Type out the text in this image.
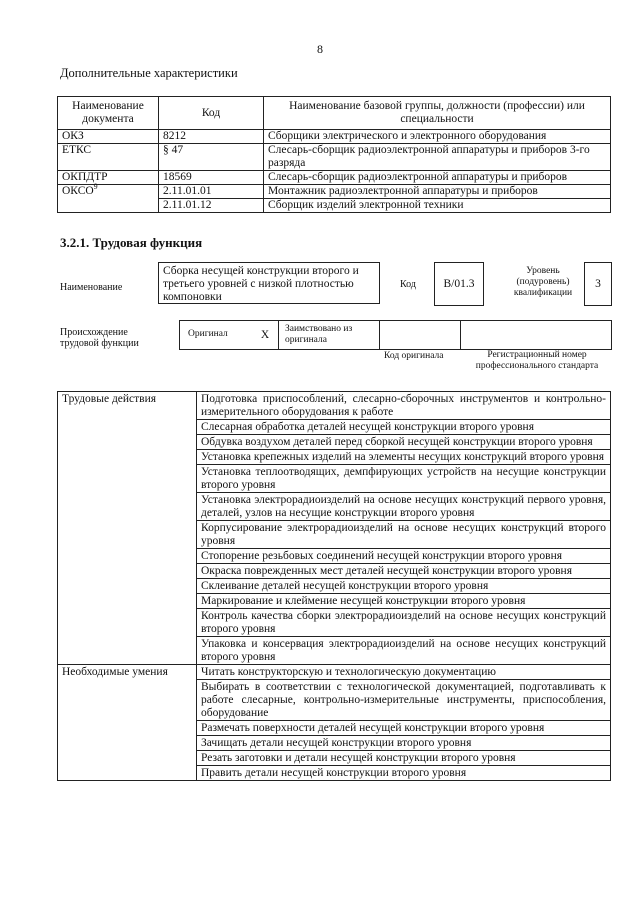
8
Дополнительные характеристики
Наименование документа	Код	Наименование базовой группы, должности (профессии) или специальности
ОКЗ	8212	Сборщики электрического и электронного оборудования
ЕТКС	§ 47	Слесарь-сборщик радиоэлектронной аппаратуры и приборов 3-го разряда
ОКПДТР	18569	Слесарь-сборщик радиоэлектронной аппаратуры и приборов
ОКСО$^9$	2.11.01.01	Монтажник радиоэлектронной аппаратуры и приборов
	2.11.01.12	Сборщик изделий электронной техники
3.2.1. Трудовая функция
Наименование
Сборка несущей конструкции второго и третьего уровней с низкой плотностью компоновки
Код	B/01.3
Уровень (подуровень) квалификации
3
Происхождение трудовой функции
Оригинал	X	Заимствовано из оригинала
Код оригинала	Регистрационный номер профессионального стандарта
Трудовые действия	Подготовка приспособлений, слесарно-сборочных инструментов и контрольно-измерительного оборудования к работе
	Слесарная обработка деталей несущей конструкции второго уровня
	Обдувка воздухом деталей перед сборкой несущей конструкции второго уровня
	Установка крепежных изделий на элементы несущих конструкций второго уровня
	Установка теплоотводящих, демпфирующих устройств на несущие конструкции второго уровня
	Установка электрорадиоизделий на основе несущих конструкций первого уровня, деталей, узлов на несущие конструкции второго уровня
	Корпусирование электрорадиоизделий на основе несущих конструкций второго уровня
	Стопорение резьбовых соединений несущей конструкции второго уровня
	Окраска поврежденных мест деталей несущей конструкции второго уровня
	Склеивание деталей несущей конструкции второго уровня
	Маркирование и клеймение несущей конструкции второго уровня
	Контроль качества сборки электрорадиоизделий на основе несущих конструкций второго уровня
	Упаковка и консервация электрорадиоизделий на основе несущих конструкций второго уровня
Необходимые умения	Читать конструкторскую и технологическую документацию
	Выбирать в соответствии с технологической документацией, подготавливать к работе слесарные, контрольно-измерительные инструменты, приспособления, оборудование
	Размечать поверхности деталей несущей конструкции второго уровня
	Зачищать детали несущей конструкции второго уровня
	Резать заготовки и детали несущей конструкции второго уровня
	Править детали несущей конструкции второго уровня
